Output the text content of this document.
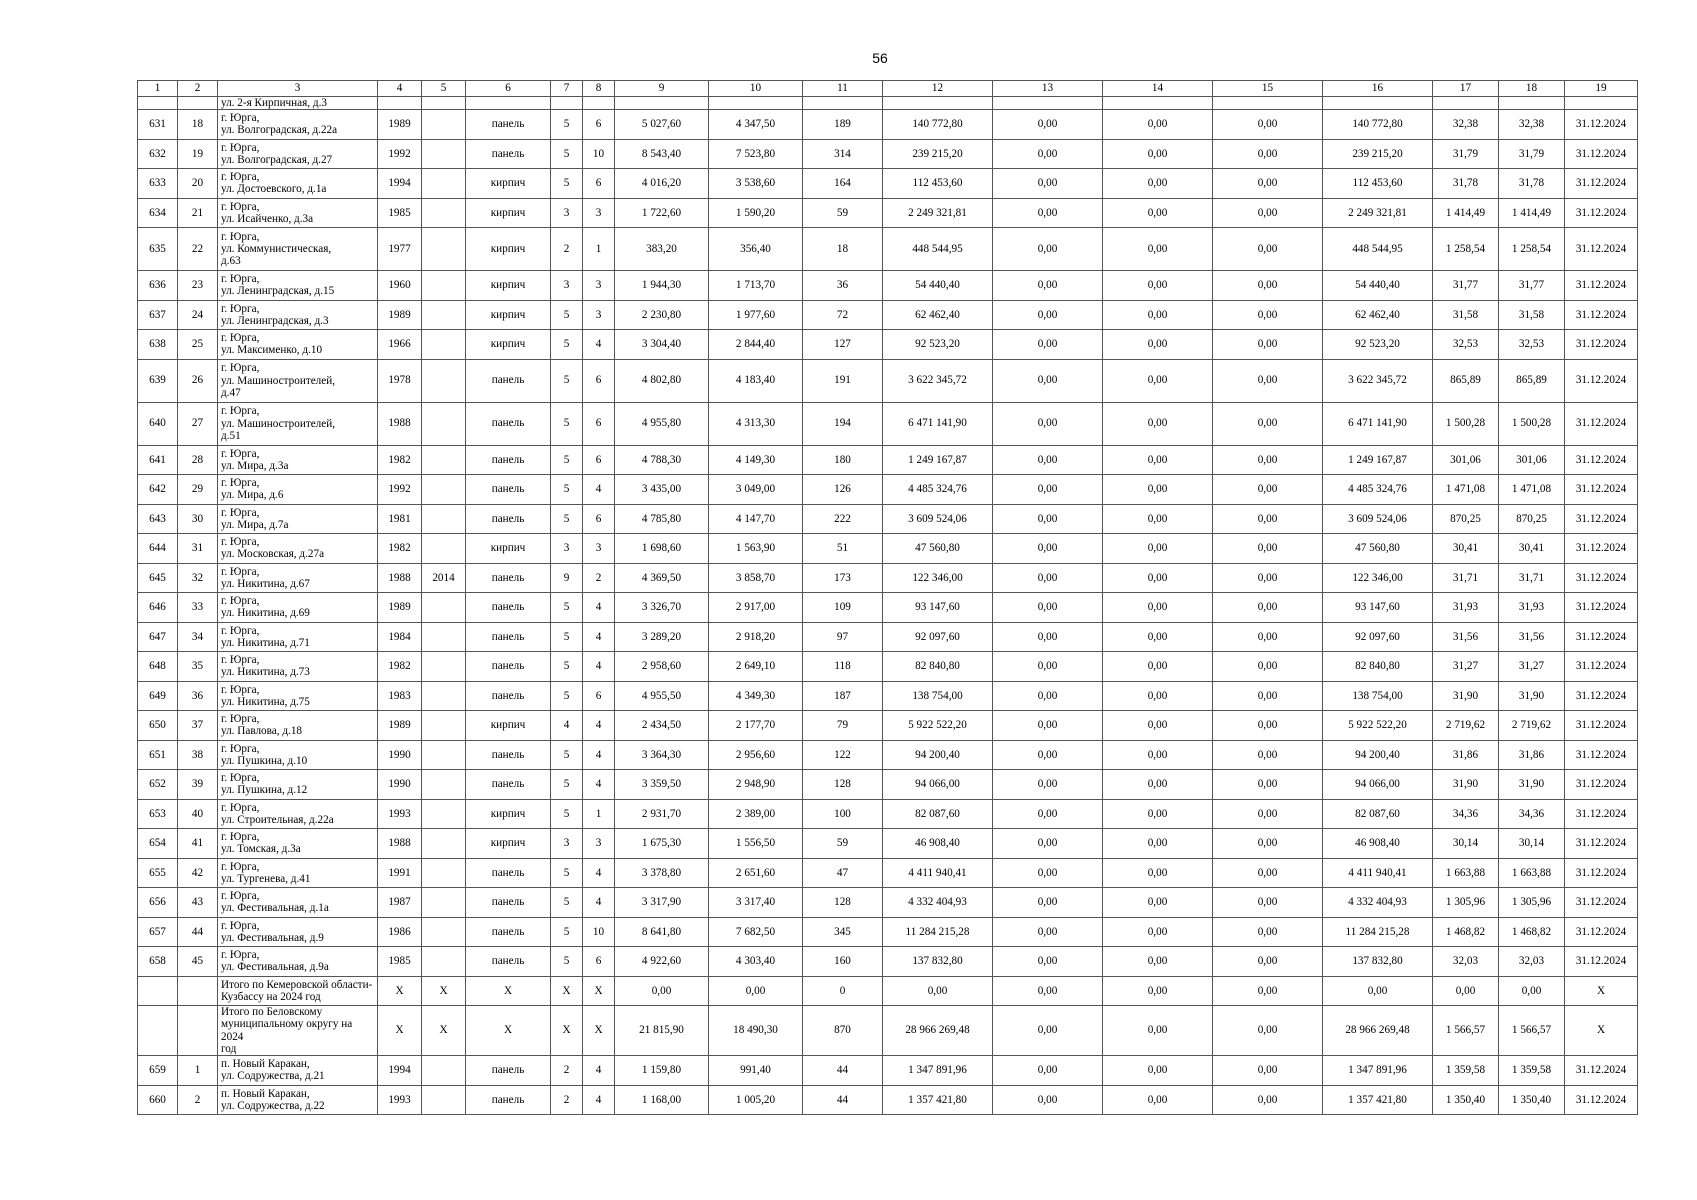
56
1	2	3	4	5	6	7	8	9	10	11	12	13	14	15	16	17	18	19
		ул. 2-я Кирпичная, д.3																
631	18	г. Юрга,
ул. Волгоградская, д.22а	1989		панель	5	6	5 027,60	4 347,50	189	140 772,80	0,00	0,00	0,00	140 772,80	32,38	32,38	31.12.2024
632	19	г. Юрга,
ул. Волгоградская, д.27	1992		панель	5	10	8 543,40	7 523,80	314	239 215,20	0,00	0,00	0,00	239 215,20	31,79	31,79	31.12.2024
633	20	г. Юрга,
ул. Достоевского, д.1а	1994		кирпич	5	6	4 016,20	3 538,60	164	112 453,60	0,00	0,00	0,00	112 453,60	31,78	31,78	31.12.2024
634	21	г. Юрга,
ул. Исайченко, д.3а	1985		кирпич	3	3	1 722,60	1 590,20	59	2 249 321,81	0,00	0,00	0,00	2 249 321,81	1 414,49	1 414,49	31.12.2024
635	22	г. Юрга,
ул. Коммунистическая,
д.63	1977		кирпич	2	1	383,20	356,40	18	448 544,95	0,00	0,00	0,00	448 544,95	1 258,54	1 258,54	31.12.2024
636	23	г. Юрга,
ул. Ленинградская, д.15	1960		кирпич	3	3	1 944,30	1 713,70	36	54 440,40	0,00	0,00	0,00	54 440,40	31,77	31,77	31.12.2024
637	24	г. Юрга,
ул. Ленинградская, д.3	1989		кирпич	5	3	2 230,80	1 977,60	72	62 462,40	0,00	0,00	0,00	62 462,40	31,58	31,58	31.12.2024
638	25	г. Юрга,
ул. Максименко, д.10	1966		кирпич	5	4	3 304,40	2 844,40	127	92 523,20	0,00	0,00	0,00	92 523,20	32,53	32,53	31.12.2024
639	26	г. Юрга,
ул. Машиностроителей,
д.47	1978		панель	5	6	4 802,80	4 183,40	191	3 622 345,72	0,00	0,00	0,00	3 622 345,72	865,89	865,89	31.12.2024
640	27	г. Юрга,
ул. Машиностроителей,
д.51	1988		панель	5	6	4 955,80	4 313,30	194	6 471 141,90	0,00	0,00	0,00	6 471 141,90	1 500,28	1 500,28	31.12.2024
641	28	г. Юрга,
ул. Мира, д.3а	1982		панель	5	6	4 788,30	4 149,30	180	1 249 167,87	0,00	0,00	0,00	1 249 167,87	301,06	301,06	31.12.2024
642	29	г. Юрга,
ул. Мира, д.6	1992		панель	5	4	3 435,00	3 049,00	126	4 485 324,76	0,00	0,00	0,00	4 485 324,76	1 471,08	1 471,08	31.12.2024
643	30	г. Юрга,
ул. Мира, д.7а	1981		панель	5	6	4 785,80	4 147,70	222	3 609 524,06	0,00	0,00	0,00	3 609 524,06	870,25	870,25	31.12.2024
644	31	г. Юрга,
ул. Московская, д.27а	1982		кирпич	3	3	1 698,60	1 563,90	51	47 560,80	0,00	0,00	0,00	47 560,80	30,41	30,41	31.12.2024
645	32	г. Юрга,
ул. Никитина, д.67	1988	2014	панель	9	2	4 369,50	3 858,70	173	122 346,00	0,00	0,00	0,00	122 346,00	31,71	31,71	31.12.2024
646	33	г. Юрга,
ул. Никитина, д.69	1989		панель	5	4	3 326,70	2 917,00	109	93 147,60	0,00	0,00	0,00	93 147,60	31,93	31,93	31.12.2024
647	34	г. Юрга,
ул. Никитина, д.71	1984		панель	5	4	3 289,20	2 918,20	97	92 097,60	0,00	0,00	0,00	92 097,60	31,56	31,56	31.12.2024
648	35	г. Юрга,
ул. Никитина, д.73	1982		панель	5	4	2 958,60	2 649,10	118	82 840,80	0,00	0,00	0,00	82 840,80	31,27	31,27	31.12.2024
649	36	г. Юрга,
ул. Никитина, д.75	1983		панель	5	6	4 955,50	4 349,30	187	138 754,00	0,00	0,00	0,00	138 754,00	31,90	31,90	31.12.2024
650	37	г. Юрга,
ул. Павлова, д.18	1989		кирпич	4	4	2 434,50	2 177,70	79	5 922 522,20	0,00	0,00	0,00	5 922 522,20	2 719,62	2 719,62	31.12.2024
651	38	г. Юрга,
ул. Пушкина, д.10	1990		панель	5	4	3 364,30	2 956,60	122	94 200,40	0,00	0,00	0,00	94 200,40	31,86	31,86	31.12.2024
652	39	г. Юрга,
ул. Пушкина, д.12	1990		панель	5	4	3 359,50	2 948,90	128	94 066,00	0,00	0,00	0,00	94 066,00	31,90	31,90	31.12.2024
653	40	г. Юрга,
ул. Строительная, д.22а	1993		кирпич	5	1	2 931,70	2 389,00	100	82 087,60	0,00	0,00	0,00	82 087,60	34,36	34,36	31.12.2024
654	41	г. Юрга,
ул. Томская, д.3а	1988		кирпич	3	3	1 675,30	1 556,50	59	46 908,40	0,00	0,00	0,00	46 908,40	30,14	30,14	31.12.2024
655	42	г. Юрга,
ул. Тургенева, д.41	1991		панель	5	4	3 378,80	2 651,60	47	4 411 940,41	0,00	0,00	0,00	4 411 940,41	1 663,88	1 663,88	31.12.2024
656	43	г. Юрга,
ул. Фестивальная, д.1а	1987		панель	5	4	3 317,90	3 317,40	128	4 332 404,93	0,00	0,00	0,00	4 332 404,93	1 305,96	1 305,96	31.12.2024
657	44	г. Юрга,
ул. Фестивальная, д.9	1986		панель	5	10	8 641,80	7 682,50	345	11 284 215,28	0,00	0,00	0,00	11 284 215,28	1 468,82	1 468,82	31.12.2024
658	45	г. Юрга,
ул. Фестивальная, д.9а	1985		панель	5	6	4 922,60	4 303,40	160	137 832,80	0,00	0,00	0,00	137 832,80	32,03	32,03	31.12.2024
		Итого по Кемеровской области-
Кузбассу на 2024 год	X	X	X	X	X	0,00	0,00	0	0,00	0,00	0,00	0,00	0,00	0,00	0,00	X
		Итого по Беловскому
муниципальному округу на 2024
год	X	X	X	X	X	21 815,90	18 490,30	870	28 966 269,48	0,00	0,00	0,00	28 966 269,48	1 566,57	1 566,57	X
659	1	п. Новый Каракан,
ул. Содружества, д.21	1994		панель	2	4	1 159,80	991,40	44	1 347 891,96	0,00	0,00	0,00	1 347 891,96	1 359,58	1 359,58	31.12.2024
660	2	п. Новый Каракан,
ул. Содружества, д.22	1993		панель	2	4	1 168,00	1 005,20	44	1 357 421,80	0,00	0,00	0,00	1 357 421,80	1 350,40	1 350,40	31.12.2024
